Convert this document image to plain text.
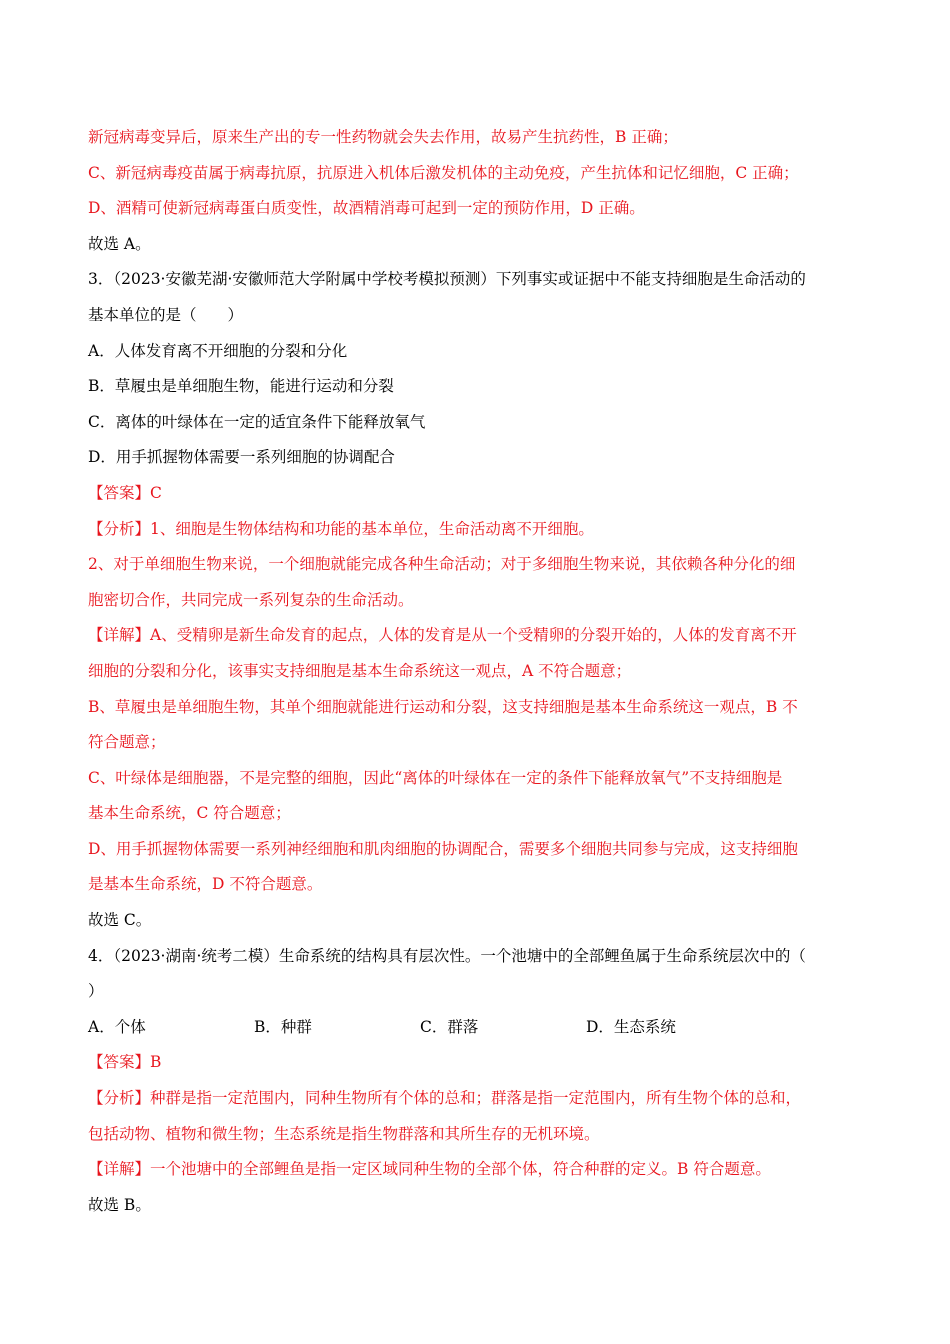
新冠病毒变异后，原来生产出的专一性药物就会失去作用，故易产生抗药性，B 正确；
C、新冠病毒疫苗属于病毒抗原，抗原进入机体后激发机体的主动免疫，产生抗体和记忆细胞，C 正确；
D、酒精可使新冠病毒蛋白质变性，故酒精消毒可起到一定的预防作用，D 正确。
故选 A。
3．（2023·安徽芜湖·安徽师范大学附属中学校考模拟预测）下列事实或证据中不能支持细胞是生命活动的
基本单位的是（　　）
A．人体发育离不开细胞的分裂和分化
B．草履虫是单细胞生物，能进行运动和分裂
C．离体的叶绿体在一定的适宜条件下能释放氧气
D．用手抓握物体需要一系列细胞的协调配合
【答案】C
【分析】1、细胞是生物体结构和功能的基本单位，生命活动离不开细胞。
2、对于单细胞生物来说，一个细胞就能完成各种生命活动；对于多细胞生物来说，其依赖各种分化的细
胞密切合作，共同完成一系列复杂的生命活动。
【详解】A、受精卵是新生命发育的起点，人体的发育是从一个受精卵的分裂开始的，人体的发育离不开
细胞的分裂和分化，该事实支持细胞是基本生命系统这一观点，A 不符合题意；
B、草履虫是单细胞生物，其单个细胞就能进行运动和分裂，这支持细胞是基本生命系统这一观点，B 不
符合题意；
C、叶绿体是细胞器，不是完整的细胞，因此“离体的叶绿体在一定的条件下能释放氧气”不支持细胞是
基本生命系统，C 符合题意；
D、用手抓握物体需要一系列神经细胞和肌肉细胞的协调配合，需要多个细胞共同参与完成，这支持细胞
是基本生命系统，D 不符合题意。
故选 C。
4．（2023·湖南·统考二模）生命系统的结构具有层次性。一个池塘中的全部鲤鱼属于生命系统层次中的（
）
A．个体	B．种群	C．群落	D．生态系统
【答案】B
【分析】种群是指一定范围内，同种生物所有个体的总和；群落是指一定范围内，所有生物个体的总和，
包括动物、植物和微生物；生态系统是指生物群落和其所生存的无机环境。
【详解】一个池塘中的全部鲤鱼是指一定区域同种生物的全部个体，符合种群的定义。B 符合题意。
故选 B。
